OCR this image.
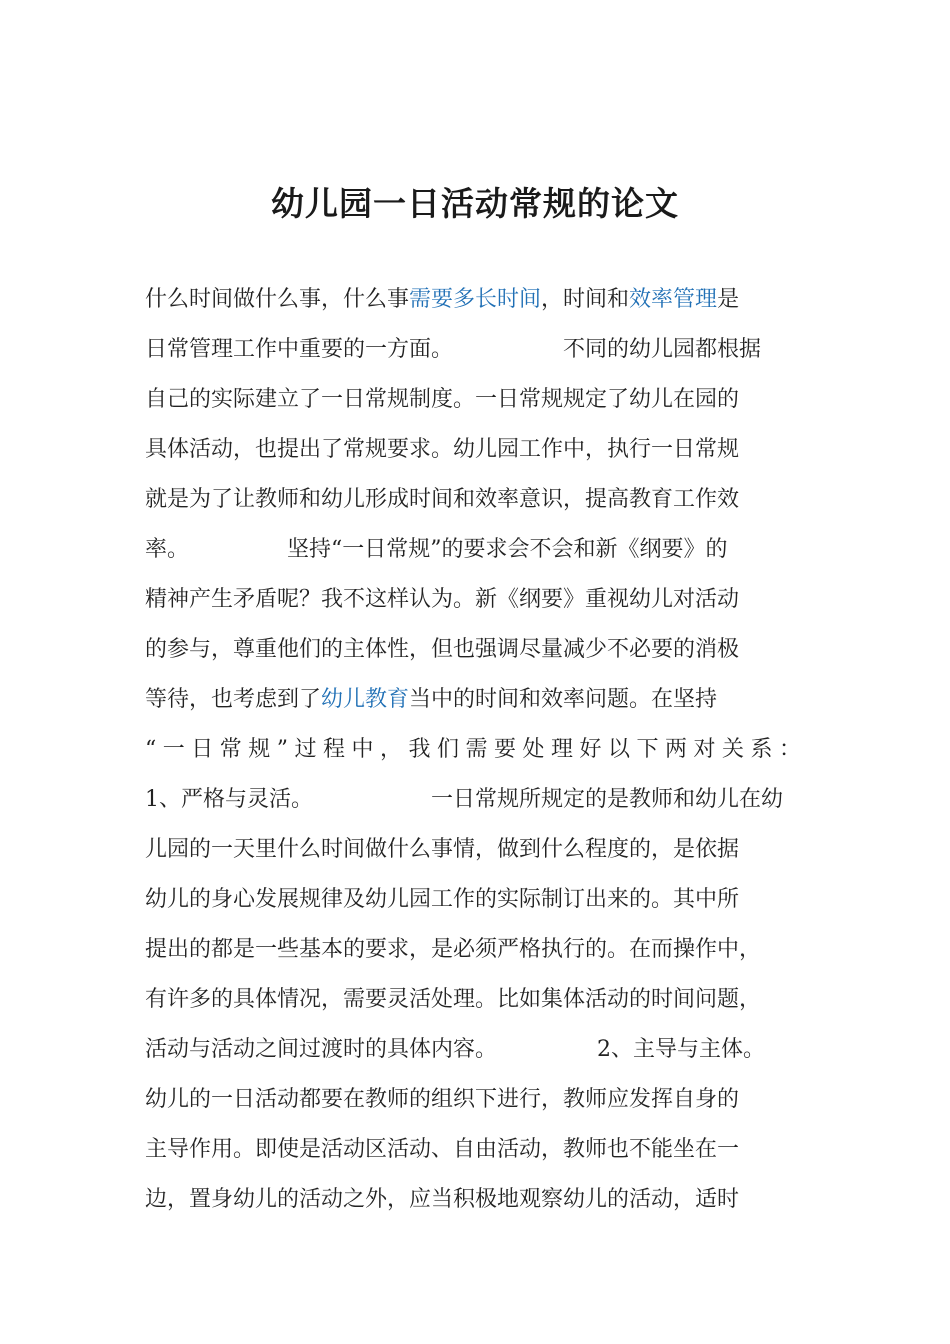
幼儿园一日活动常规的论文
什么时间做什么事，什么事需要多长时间，时间和效率管理是
日常管理工作中重要的一方面。	不同的幼儿园都根据
自己的实际建立了一日常规制度。一日常规规定了幼儿在园的
具体活动，也提出了常规要求。幼儿园工作中，执行一日常规
就是为了让教师和幼儿形成时间和效率意识，提高教育工作效
率。	坚持“一日常规”的要求会不会和新《纲要》的
精神产生矛盾呢？我不这样认为。新《纲要》重视幼儿对活动
的参与，尊重他们的主体性，但也强调尽量减少不必要的消极
等待，也考虑到了幼儿教育当中的时间和效率问题。在坚持
“一日常规”过程中，我们需要处理好以下两对关系：
1、严格与灵活。	一日常规所规定的是教师和幼儿在幼
儿园的一天里什么时间做什么事情，做到什么程度的，是依据
幼儿的身心发展规律及幼儿园工作的实际制订出来的。其中所
提出的都是一些基本的要求，是必须严格执行的。在而操作中，
有许多的具体情况，需要灵活处理。比如集体活动的时间问题，
活动与活动之间过渡时的具体内容。	2、主导与主体。
幼儿的一日活动都要在教师的组织下进行，教师应发挥自身的
主导作用。即使是活动区活动、自由活动，教师也不能坐在一
边，置身幼儿的活动之外，应当积极地观察幼儿的活动，适时
